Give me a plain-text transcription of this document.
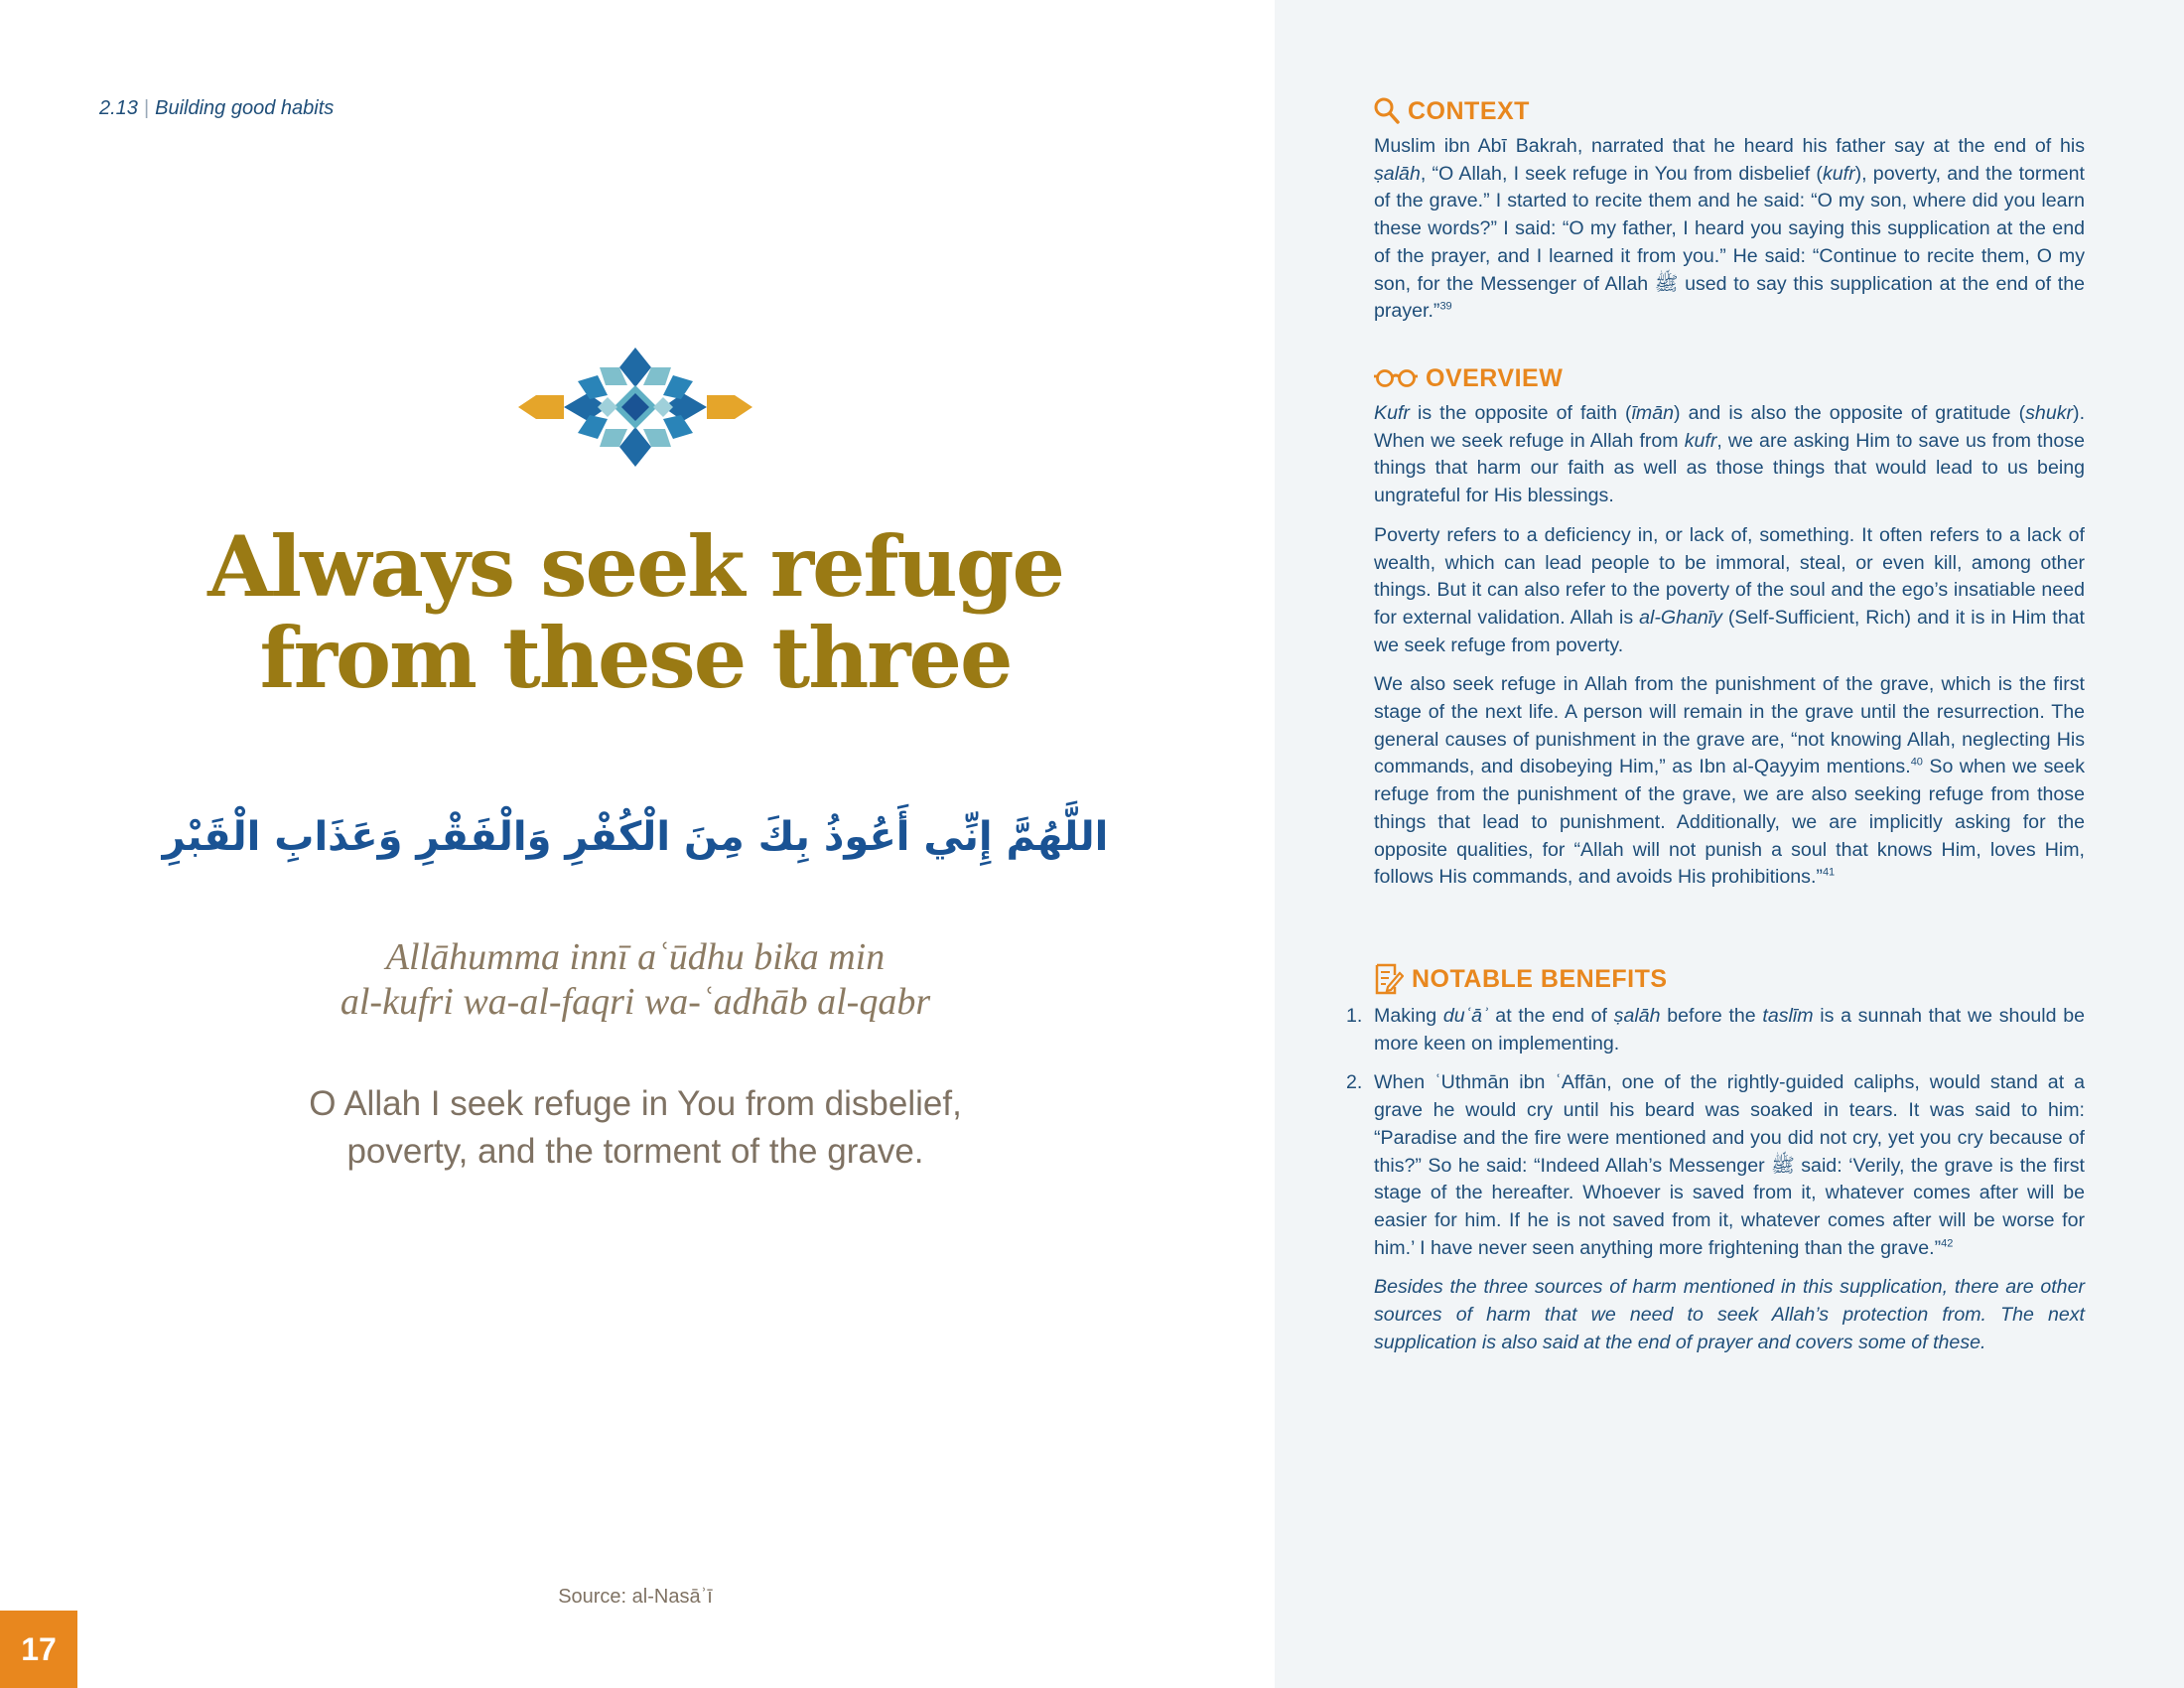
2.13 | Building good habits
Always seek refuge
from these three
اللَّهُمَّ إِنِّي أَعُوذُ بِكَ مِنَ الْكُفْرِ وَالْفَقْرِ وَعَذَابِ الْقَبْرِ
Allāhumma innī aʿūdhu bika min
al-kufri wa-al-faqri wa-ʿadhāb al-qabr
O Allah I seek refuge in You from disbelief,
poverty, and the torment of the grave.
Source: al-Nasāʾī
17
CONTEXT

Muslim ibn Abī Bakrah, narrated that he heard his father say at the end of his ṣalāh, “O Allah, I seek refuge in You from disbelief (kufr), poverty, and the torment of the grave.” I started to recite them and he said: “O my son, where did you learn these words?” I said: “O my father, I heard you saying this supplication at the end of the prayer, and I learned it from you.” He said: “Continue to recite them, O my son, for the Messenger of Allah ﷺ used to say this supplication at the end of the prayer.”$^{39}$

OVERVIEW

Kufr is the opposite of faith (īmān) and is also the opposite of gratitude (shukr). When we seek refuge in Allah from kufr, we are asking Him to save us from those things that harm our faith as well as those things that would lead to us being ungrateful for His blessings.

Poverty refers to a deficiency in, or lack of, something. It often refers to a lack of wealth, which can lead people to be immoral, steal, or even kill, among other things. But it can also refer to the poverty of the soul and the ego’s insatiable need for external validation. Allah is al-Ghanīy (Self-Sufficient, Rich) and it is in Him that we seek refuge from poverty.

We also seek refuge in Allah from the punishment of the grave, which is the first stage of the next life. A person will remain in the grave until the resurrection. The general causes of punishment in the grave are, “not knowing Allah, neglecting His commands, and disobeying Him,” as Ibn al-Qayyim mentions.$^{40}$ So when we seek refuge from the punishment of the grave, we are also seeking refuge from those things that lead to punishment. Additionally, we are implicitly asking for the opposite qualities, for “Allah will not punish a soul that knows Him, loves Him, follows His commands, and avoids His prohibitions.”$^{41}$

NOTABLE BENEFITS
1. Making duʿāʾ at the end of ṣalāh before the taslīm is a sunnah that we should be more keen on implementing.
2. When ʿUthmān ibn ʿAffān, one of the rightly-guided caliphs, would stand at a grave he would cry until his beard was soaked in tears. It was said to him: “Paradise and the fire were mentioned and you did not cry, yet you cry because of this?” So he said: “Indeed Allah’s Messenger ﷺ said: ‘Verily, the grave is the first stage of the hereafter. Whoever is saved from it, whatever comes after will be easier for him. If he is not saved from it, whatever comes after will be worse for him.’ I have never seen anything more frightening than the grave.”$^{42}$

Besides the three sources of harm mentioned in this supplication, there are other sources of harm that we need to seek Allah’s protection from. The next supplication is also said at the end of prayer and covers some of these.
